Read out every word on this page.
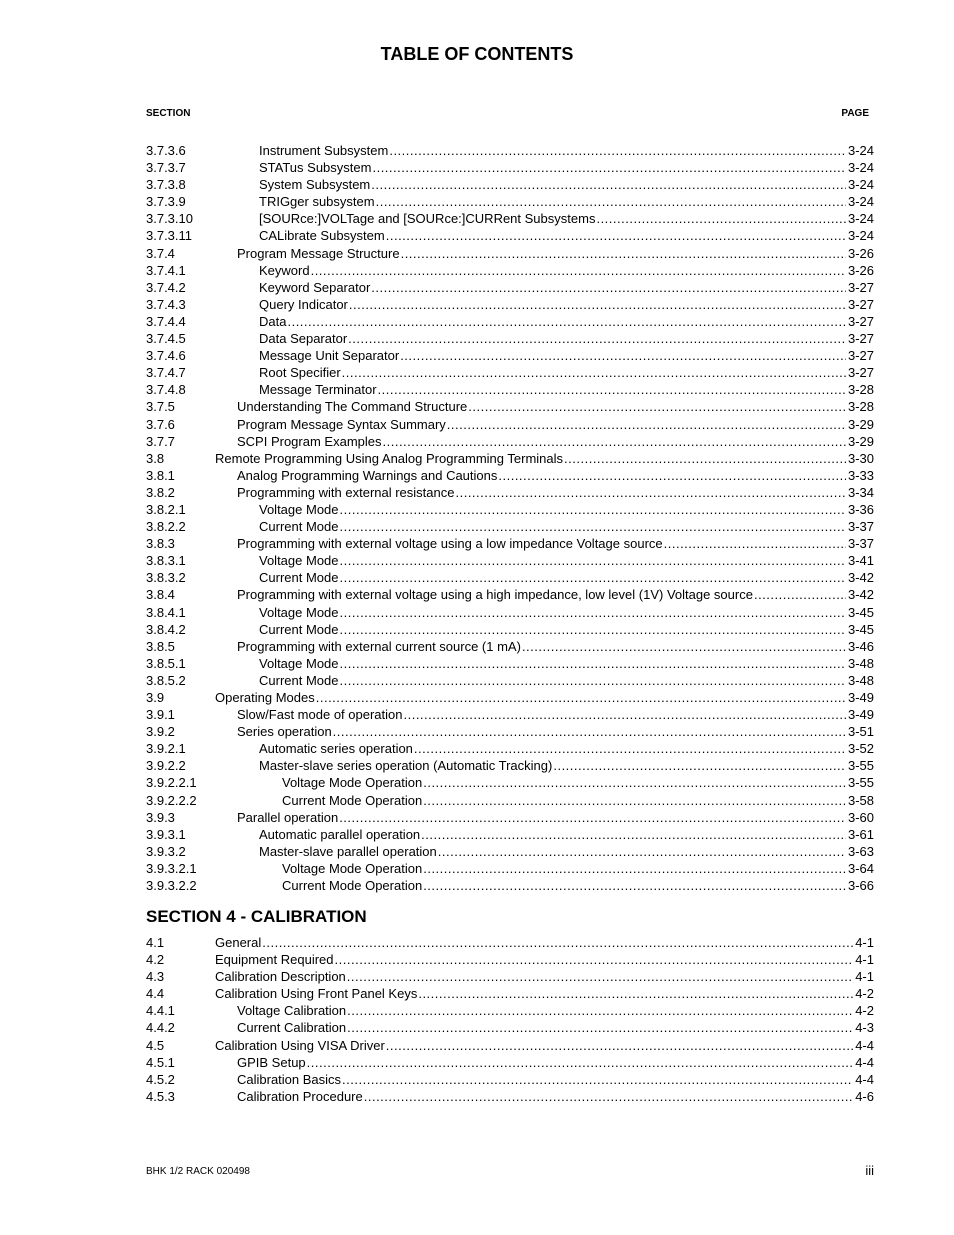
TABLE OF CONTENTS
SECTION	PAGE
3.7.3.6	Instrument Subsystem .....	3-24
3.7.3.7	STATus Subsystem .....	3-24
3.7.3.8	System Subsystem .....	3-24
3.7.3.9	TRIGger subsystem .....	3-24
3.7.3.10	[SOURce:]VOLTage and [SOURce:]CURRent Subsystems .....	3-24
3.7.3.11	CALibrate Subsystem .....	3-24
3.7.4	Program Message Structure .....	3-26
3.7.4.1	Keyword .....	3-26
3.7.4.2	Keyword Separator .....	3-27
3.7.4.3	Query Indicator .....	3-27
3.7.4.4	Data .....	3-27
3.7.4.5	Data Separator .....	3-27
3.7.4.6	Message Unit Separator .....	3-27
3.7.4.7	Root Specifier .....	3-27
3.7.4.8	Message Terminator .....	3-28
3.7.5	Understanding The Command Structure .....	3-28
3.7.6	Program Message Syntax Summary .....	3-29
3.7.7	SCPI Program Examples .....	3-29
3.8	Remote Programming Using Analog Programming Terminals .....	3-30
3.8.1	Analog Programming Warnings and Cautions .....	3-33
3.8.2	Programming with external resistance .....	3-34
3.8.2.1	Voltage Mode .....	3-36
3.8.2.2	Current Mode .....	3-37
3.8.3	Programming with external voltage using a low impedance Voltage source .....	3-37
3.8.3.1	Voltage Mode .....	3-41
3.8.3.2	Current Mode .....	3-42
3.8.4	Programming with external voltage using a high impedance, low level (1V) Voltage source .....	3-42
3.8.4.1	Voltage Mode .....	3-45
3.8.4.2	Current Mode .....	3-45
3.8.5	Programming with external current source (1 mA) .....	3-46
3.8.5.1	Voltage Mode .....	3-48
3.8.5.2	Current Mode .....	3-48
3.9	Operating Modes .....	3-49
3.9.1	Slow/Fast mode of operation .....	3-49
3.9.2	Series operation .....	3-51
3.9.2.1	Automatic series operation .....	3-52
3.9.2.2	Master-slave series operation (Automatic Tracking) .....	3-55
3.9.2.2.1	Voltage Mode Operation .....	3-55
3.9.2.2.2	Current Mode Operation .....	3-58
3.9.3	Parallel operation .....	3-60
3.9.3.1	Automatic parallel operation .....	3-61
3.9.3.2	Master-slave parallel operation .....	3-63
3.9.3.2.1	Voltage Mode Operation .....	3-64
3.9.3.2.2	Current Mode Operation .....	3-66
SECTION 4 - CALIBRATION
4.1	General .....	4-1
4.2	Equipment Required .....	4-1
4.3	Calibration Description .....	4-1
4.4	Calibration Using Front Panel Keys .....	4-2
4.4.1	Voltage Calibration .....	4-2
4.4.2	Current Calibration .....	4-3
4.5	Calibration Using VISA Driver .....	4-4
4.5.1	GPIB Setup .....	4-4
4.5.2	Calibration Basics .....	4-4
4.5.3	Calibration Procedure .....	4-6
BHK 1/2 RACK 020498	iii
